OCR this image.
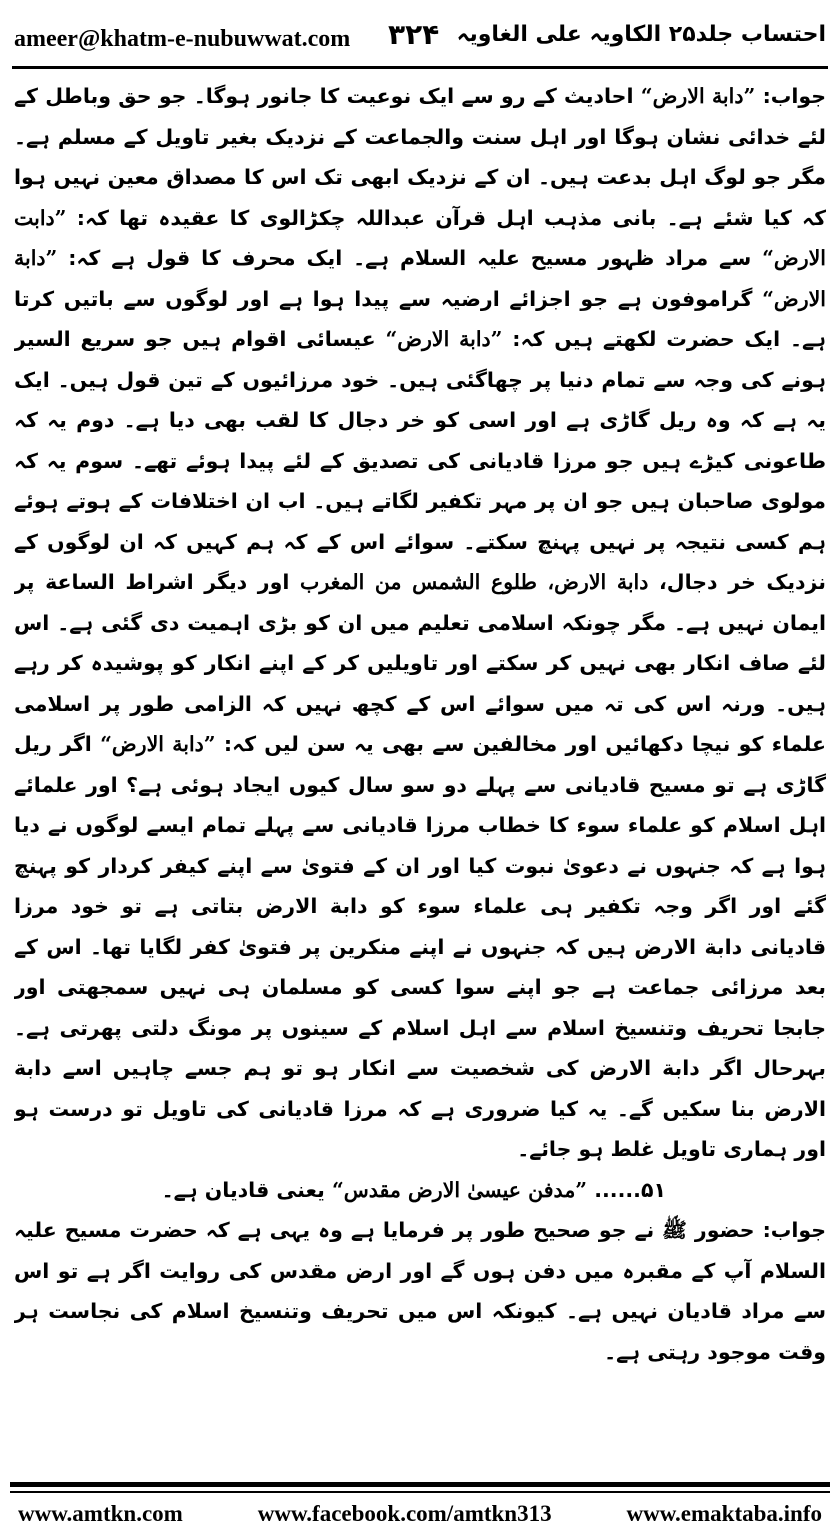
ameer@khatm-e-nubuwwat.com ۳۲۴ احتساب جلد۲۵ الکاویہ علی الغاویہ

جواب: ”دابة الارض“ احادیث کے رو سے ایک نوعیت کا جانور ہوگا۔ جو حق وباطل کے لئے خدائی نشان ہوگا اور اہل سنت والجماعت کے نزدیک بغیر تاویل کے مسلم ہے۔ مگر جو لوگ اہل بدعت ہیں۔ ان کے نزدیک ابھی تک اس کا مصداق معین نہیں ہوا کہ کیا شئے ہے۔ بانی مذہب اہل قرآن عبداللہ چکڑالوی کا عقیدہ تھا کہ: ”دابت الارض“ سے مراد ظہور مسیح علیہ السلام ہے۔ ایک محرف کا قول ہے کہ: ”دابة الارض“ گراموفون ہے جو اجزائے ارضیہ سے پیدا ہوا ہے اور لوگوں سے باتیں کرتا ہے۔ ایک حضرت لکھتے ہیں کہ: ”دابة الارض“ عیسائی اقوام ہیں جو سریع السیر ہونے کی وجہ سے تمام دنیا پر چھاگئی ہیں۔ خود مرزائیوں کے تین قول ہیں۔ ایک یہ ہے کہ وہ ریل گاڑی ہے اور اسی کو خر دجال کا لقب بھی دیا ہے۔ دوم یہ کہ طاعونی کیڑے ہیں جو مرزا قادیانی کی تصدیق کے لئے پیدا ہوئے تھے۔ سوم یہ کہ مولوی صاحبان ہیں جو ان پر مہر تکفیر لگاتے ہیں۔ اب ان اختلافات کے ہوتے ہوئے ہم کسی نتیجہ پر نہیں پہنچ سکتے۔ سوائے اس کے کہ ہم کہیں کہ ان لوگوں کے نزدیک خر دجال، دابة الارض، طلوع الشمس من المغرب اور دیگر اشراط الساعة پر ایمان نہیں ہے۔ مگر چونکہ اسلامی تعلیم میں ان کو بڑی اہمیت دی گئی ہے۔ اس لئے صاف انکار بھی نہیں کر سکتے اور تاویلیں کر کے اپنے انکار کو پوشیدہ کر رہے ہیں۔ ورنہ اس کی تہ میں سوائے اس کے کچھ نہیں کہ الزامی طور پر اسلامی علماء کو نیچا دکھائیں اور مخالفین سے بھی یہ سن لیں کہ: ”دابة الارض“ اگر ریل گاڑی ہے تو مسیح قادیانی سے پہلے دو سو سال کیوں ایجاد ہوئی ہے؟ اور علمائے اہل اسلام کو علماء سوء کا خطاب مرزا قادیانی سے پہلے تمام ایسے لوگوں نے دیا ہوا ہے کہ جنہوں نے دعویٰ نبوت کیا اور ان کے فتویٰ سے اپنے کیفر کردار کو پہنچ گئے اور اگر وجہ تکفیر ہی علماء سوء کو دابة الارض بتاتی ہے تو خود مرزا قادیانی دابة الارض ہیں کہ جنہوں نے اپنے منکرین پر فتویٰ کفر لگایا تھا۔ اس کے بعد مرزائی جماعت ہے جو اپنے سوا کسی کو مسلمان ہی نہیں سمجھتی اور جابجا تحریف وتنسیخ اسلام سے اہل اسلام کے سینوں پر مونگ دلتی پھرتی ہے۔ بہرحال اگر دابة الارض کی شخصیت سے انکار ہو تو ہم جسے چاہیں اسے دابة الارض بنا سکیں گے۔ یہ کیا ضروری ہے کہ مرزا قادیانی کی تاویل تو درست ہو اور ہماری تاویل غلط ہو جائے۔

۵۱...... ”مدفن عیسیٰ الارض مقدس“ یعنی قادیان ہے۔

جواب: حضور ﷺ نے جو صحیح طور پر فرمایا ہے وہ یہی ہے کہ حضرت مسیح علیہ السلام آپ کے مقبرہ میں دفن ہوں گے اور ارض مقدس کی روایت اگر ہے تو اس سے مراد قادیان نہیں ہے۔ کیونکہ اس میں تحریف وتنسیخ اسلام کی نجاست ہر وقت موجود رہتی ہے۔

www.amtkn.com	www.facebook.com/amtkn313	www.emaktaba.info
